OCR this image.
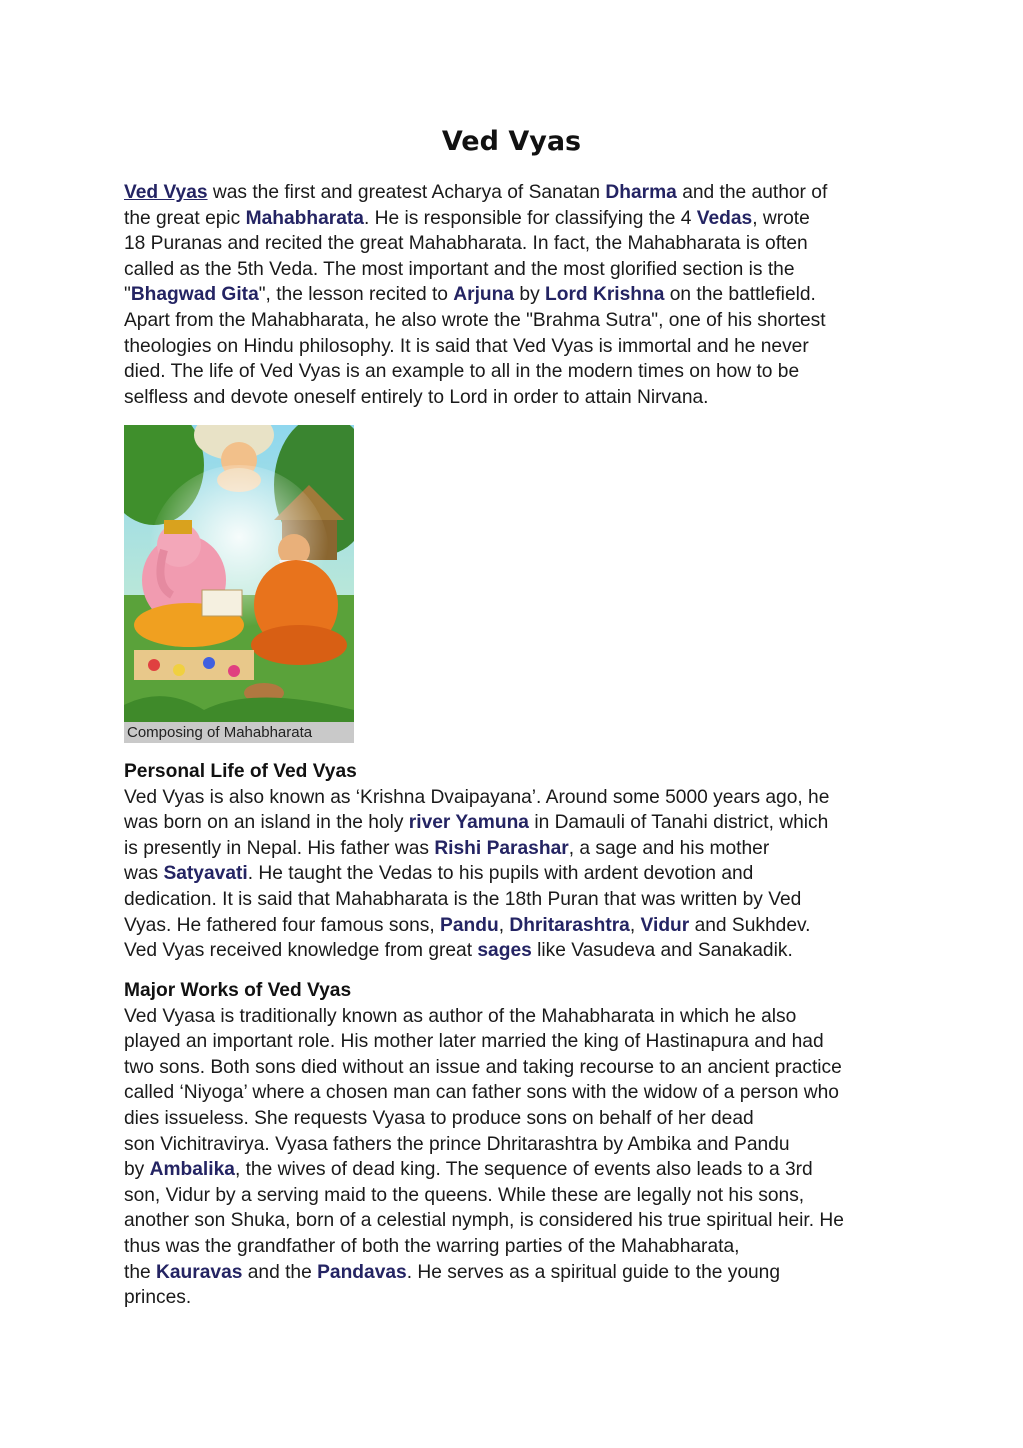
Ved Vyas
Ved Vyas was the first and greatest Acharya of Sanatan Dharma and the author of
the great epic Mahabharata. He is responsible for classifying the 4 Vedas, wrote
18 Puranas and recited the great Mahabharata. In fact, the Mahabharata is often
called as the 5th Veda. The most important and the most glorified section is the
"Bhagwad Gita", the lesson recited to Arjuna by Lord Krishna on the battlefield.
Apart from the Mahabharata, he also wrote the "Brahma Sutra", one of his shortest
theologies on Hindu philosophy. It is said that Ved Vyas is immortal and he never
died. The life of Ved Vyas is an example to all in the modern times on how to be
selfless and devote oneself entirely to Lord in order to attain Nirvana.
Composing of Mahabharata
Personal Life of Ved Vyas
Ved Vyas is also known as ‘Krishna Dvaipayana’. Around some 5000 years ago, he
was born on an island in the holy river Yamuna in Damauli of Tanahi district, which
is presently in Nepal. His father was Rishi Parashar, a sage and his mother
was Satyavati. He taught the Vedas to his pupils with ardent devotion and
dedication. It is said that Mahabharata is the 18th Puran that was written by Ved
Vyas. He fathered four famous sons, Pandu, Dhritarashtra, Vidur and Sukhdev.
Ved Vyas received knowledge from great sages like Vasudeva and Sanakadik.
Major Works of Ved Vyas
Ved Vyasa is traditionally known as author of the Mahabharata in which he also
played an important role. His mother later married the king of Hastinapura and had
two sons. Both sons died without an issue and taking recourse to an ancient practice
called ‘Niyoga’ where a chosen man can father sons with the widow of a person who
dies issueless. She requests Vyasa to produce sons on behalf of her dead
son Vichitravirya. Vyasa fathers the prince Dhritarashtra by Ambika and Pandu
by Ambalika, the wives of dead king. The sequence of events also leads to a 3rd
son, Vidur by a serving maid to the queens. While these are legally not his sons,
another son Shuka, born of a celestial nymph, is considered his true spiritual heir. He
thus was the grandfather of both the warring parties of the Mahabharata,
the Kauravas and the Pandavas. He serves as a spiritual guide to the young
princes.
